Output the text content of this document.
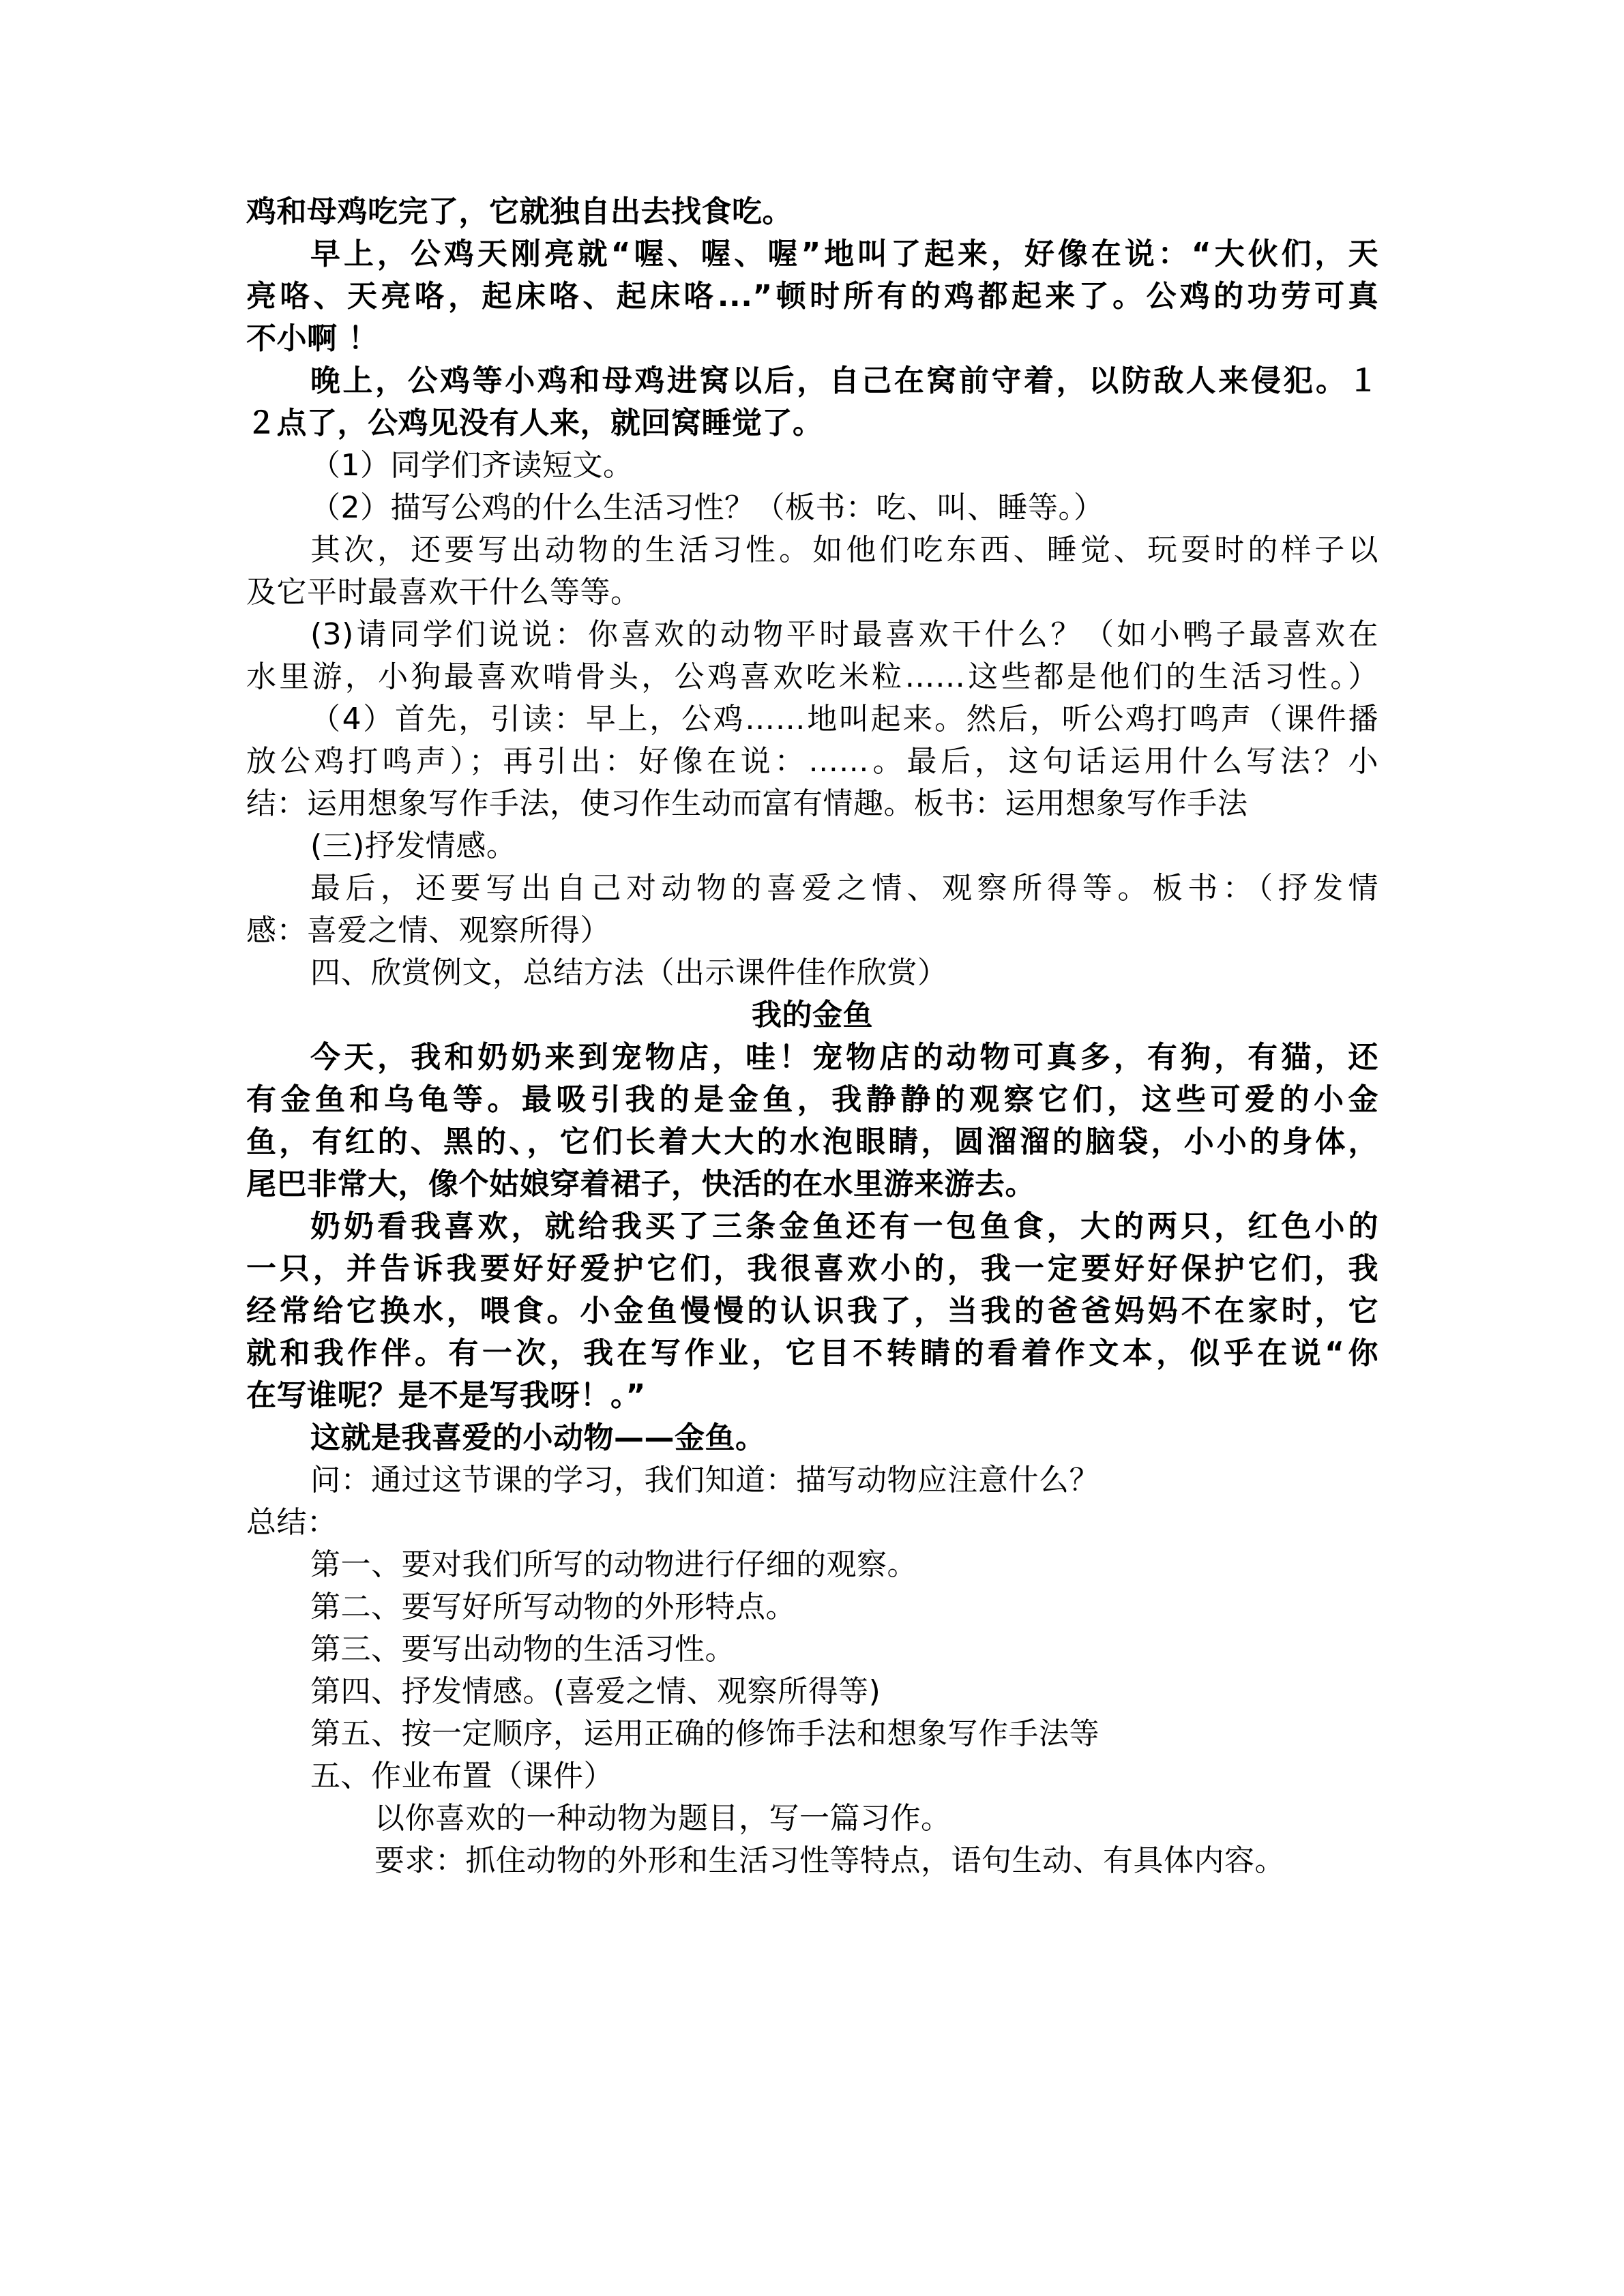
鸡和母鸡吃完了，它就独自出去找食吃。
早上，公鸡天刚亮就“喔、喔、喔”地叫了起来，好像在说：“大伙们，天
亮咯、天亮咯，起床咯、起床咯...”顿时所有的鸡都起来了。公鸡的功劳可真
不小啊 ！
晚上，公鸡等小鸡和母鸡进窝以后，自己在窝前守着，以防敌人来侵犯。１
２点了，公鸡见没有人来，就回窝睡觉了。
（1）同学们齐读短文。
（2）描写公鸡的什么生活习性？（板书：吃、叫、睡等。）
其次，还要写出动物的生活习性。如他们吃东西、睡觉、玩耍时的样子以
及它平时最喜欢干什么等等。
(3)请同学们说说：你喜欢的动物平时最喜欢干什么？（如小鸭子最喜欢在
水里游，小狗最喜欢啃骨头，公鸡喜欢吃米粒……这些都是他们的生活习性。）
（4）首先，引读：早上，公鸡……地叫起来。然后，听公鸡打鸣声（课件播
放公鸡打鸣声）；再引出：好像在说：……。最后，这句话运用什么写法？小
结：运用想象写作手法，使习作生动而富有情趣。板书：运用想象写作手法
(三)抒发情感。
最后，还要写出自己对动物的喜爱之情、观察所得等。板书：（抒发情
感：喜爱之情、观察所得）
四、欣赏例文，总结方法（出示课件佳作欣赏）
我的金鱼
今天，我和奶奶来到宠物店，哇！宠物店的动物可真多，有狗，有猫，还
有金鱼和乌龟等。最吸引我的是金鱼，我静静的观察它们，这些可爱的小金
鱼，有红的、黑的、，它们长着大大的水泡眼睛，圆溜溜的脑袋，小小的身体，
尾巴非常大，像个姑娘穿着裙子，快活的在水里游来游去。
奶奶看我喜欢，就给我买了三条金鱼还有一包鱼食，大的两只，红色小的
一只，并告诉我要好好爱护它们，我很喜欢小的，我一定要好好保护它们，我
经常给它换水，喂食。小金鱼慢慢的认识我了，当我的爸爸妈妈不在家时，它
就和我作伴。有一次，我在写作业，它目不转睛的看着作文本，似乎在说“你
在写谁呢？是不是写我呀！。”
这就是我喜爱的小动物——金鱼。
问：通过这节课的学习，我们知道：描写动物应注意什么？
总结：
第一、要对我们所写的动物进行仔细的观察。
第二、要写好所写动物的外形特点。
第三、要写出动物的生活习性。
第四、抒发情感。(喜爱之情、观察所得等)
第五、按一定顺序，运用正确的修饰手法和想象写作手法等
五、作业布置（课件）
以你喜欢的一种动物为题目，写一篇习作。
要求：抓住动物的外形和生活习性等特点，语句生动、有具体内容。
